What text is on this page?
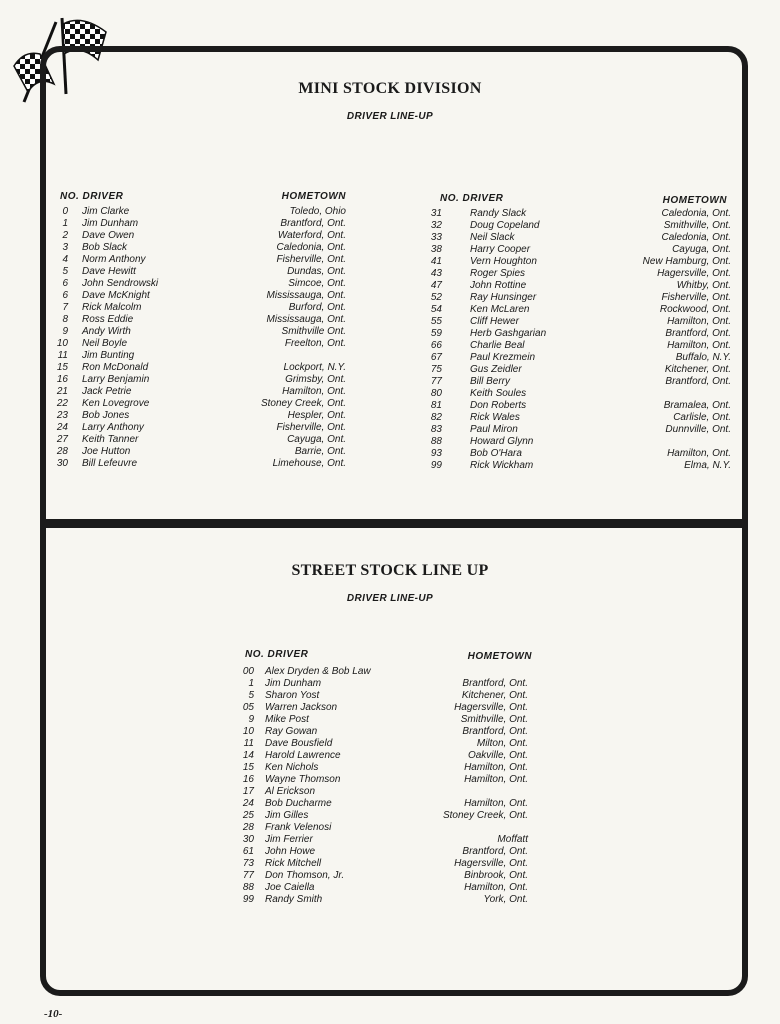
MINI STOCK DIVISION
DRIVER LINE-UP
NO. DRIVER	HOMETOWN
0 Jim Clarke	Toledo, Ohio
1 Jim Dunham	Brantford, Ont.
2 Dave Owen	Waterford, Ont.
3 Bob Slack	Caledonia, Ont.
4 Norm Anthony	Fisherville, Ont.
5 Dave Hewitt	Dundas, Ont.
6 John Sendrowski	Simcoe, Ont.
6 Dave McKnight	Mississauga, Ont.
7 Rick Malcolm	Burford, Ont.
8 Ross Eddie	Mississauga, Ont.
9 Andy Wirth	Smithville Ont.
10 Neil Boyle	Freelton, Ont.
11 Jim Bunting
15 Ron McDonald	Lockport, N.Y.
16 Larry Benjamin	Grimsby, Ont.
21 Jack Petrie	Hamilton, Ont.
22 Ken Lovegrove	Stoney Creek, Ont.
23 Bob Jones	Hespler, Ont.
24 Larry Anthony	Fisherville, Ont.
27 Keith Tanner	Cayuga, Ont.
28 Joe Hutton	Barrie, Ont.
30 Bill Lefeuvre	Limehouse, Ont.
NO. DRIVER	HOMETOWN
31	Randy Slack	Caledonia, Ont.
32	Doug Copeland	Smithville, Ont.
33	Neil Slack	Caledonia, Ont.
38	Harry Cooper	Cayuga, Ont.
41	Vern Houghton	New Hamburg, Ont.
43	Roger Spies	Hagersville, Ont.
47	John Rottine	Whitby, Ont.
52	Ray Hunsinger	Fisherville, Ont.
54	Ken McLaren	Rockwood, Ont.
55	Cliff Hewer	Hamilton, Ont.
59	Herb Gashgarian	Brantford, Ont.
66	Charlie Beal	Hamilton, Ont.
67	Paul Krezmein	Buffalo, N.Y.
75	Gus Zeidler	Kitchener, Ont.
77	Bill Berry	Brantford, Ont.
80	Keith Soules
81	Don Roberts	Bramalea, Ont.
82	Rick Wales	Carlisle, Ont.
83	Paul Miron	Dunnville, Ont.
88	Howard Glynn
93	Bob O'Hara	Hamilton, Ont.
99	Rick Wickham	Elma, N.Y.
STREET STOCK LINE UP
DRIVER LINE-UP
NO. DRIVER	HOMETOWN
00 Alex Dryden & Bob Law
1 Jim Dunham	Brantford, Ont.
5 Sharon Yost	Kitchener, Ont.
05 Warren Jackson	Hagersville, Ont.
9 Mike Post	Smithville, Ont.
10 Ray Gowan	Brantford, Ont.
11 Dave Bousfield	Milton, Ont.
14 Harold Lawrence	Oakville, Ont.
15 Ken Nichols	Hamilton, Ont.
16 Wayne Thomson	Hamilton, Ont.
17 Al Erickson
24 Bob Ducharme	Hamilton, Ont.
25 Jim Gilles	Stoney Creek, Ont.
28 Frank Velenosi
30 Jim Ferrier	Moffatt
61 John Howe	Brantford, Ont.
73 Rick Mitchell	Hagersville, Ont.
77 Don Thomson, Jr.	Binbrook, Ont.
88 Joe Caiella	Hamilton, Ont.
99 Randy Smith	York, Ont.
-10-
